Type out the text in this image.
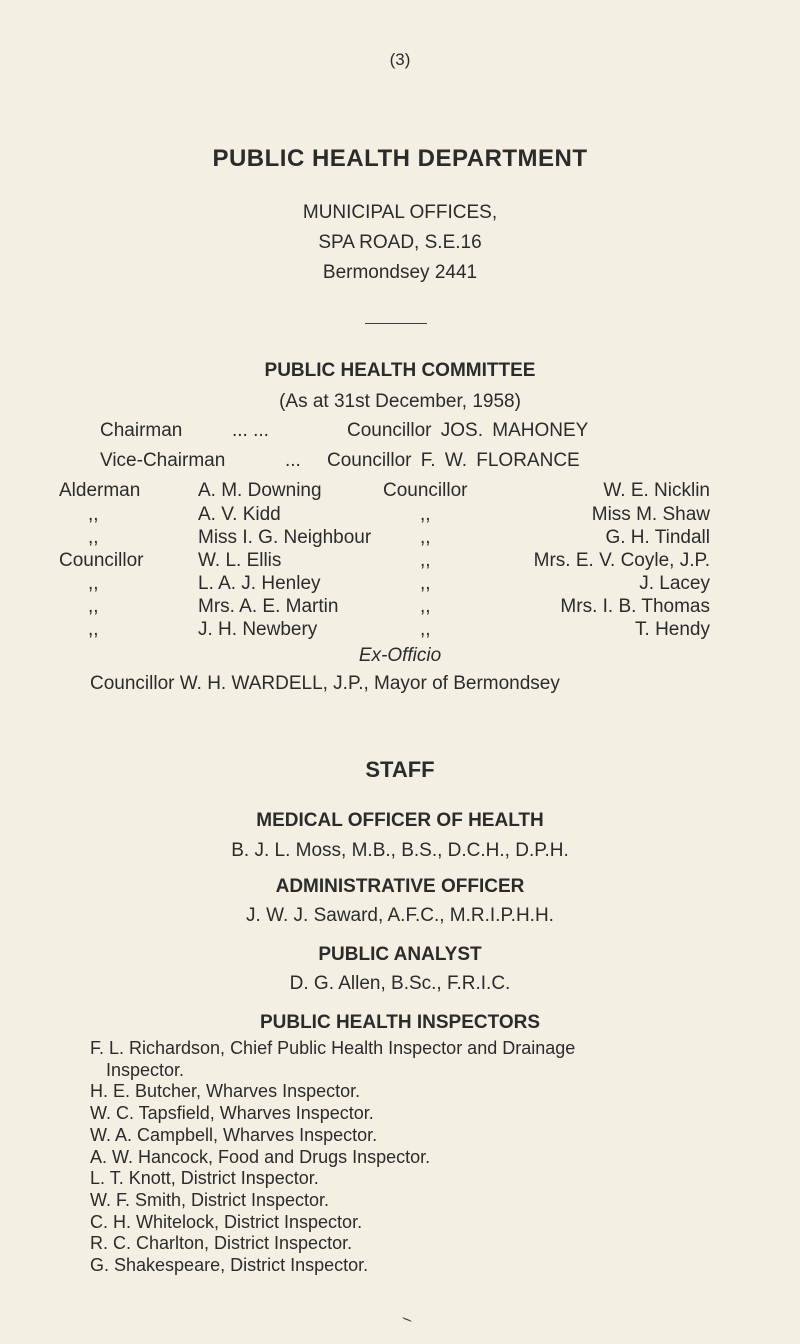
(3)
PUBLIC HEALTH DEPARTMENT
MUNICIPAL OFFICES,
SPA ROAD, S.E.16
Bermondsey 2441
PUBLIC HEALTH COMMITTEE
(As at 31st December, 1958)
Chairman	... ...	Councillor JOS. MAHONEY
Vice-Chairman	... Councillor F. W. FLORANCE
Alderman	A. M. Downing	Councillor	W. E. Nicklin
,,	A. V. Kidd	,,	Miss M. Shaw
,,	Miss I. G. Neighbour	,,	G. H. Tindall
Councillor	W. L. Ellis	,,	Mrs. E. V. Coyle, J.P.
,,	L. A. J. Henley	,,	J. Lacey
,,	Mrs. A. E. Martin	,,	Mrs. I. B. Thomas
,,	J. H. Newbery	,,	T. Hendy
Ex-Officio
Councillor W. H. WARDELL, J.P., Mayor of Bermondsey
STAFF
MEDICAL OFFICER OF HEALTH
B. J. L. Moss, M.B., B.S., D.C.H., D.P.H.
ADMINISTRATIVE OFFICER
J. W. J. Saward, A.F.C., M.R.I.P.H.H.
PUBLIC ANALYST
D. G. Allen, B.Sc., F.R.I.C.
PUBLIC HEALTH INSPECTORS
F. L. Richardson, Chief Public Health Inspector and Drainage
Inspector.
H. E. Butcher, Wharves Inspector.
W. C. Tapsfield, Wharves Inspector.
W. A. Campbell, Wharves Inspector.
A. W. Hancock, Food and Drugs Inspector.
L. T. Knott, District Inspector.
W. F. Smith, District Inspector.
C. H. Whitelock, District Inspector.
R. C. Charlton, District Inspector.
G. Shakespeare, District Inspector.
